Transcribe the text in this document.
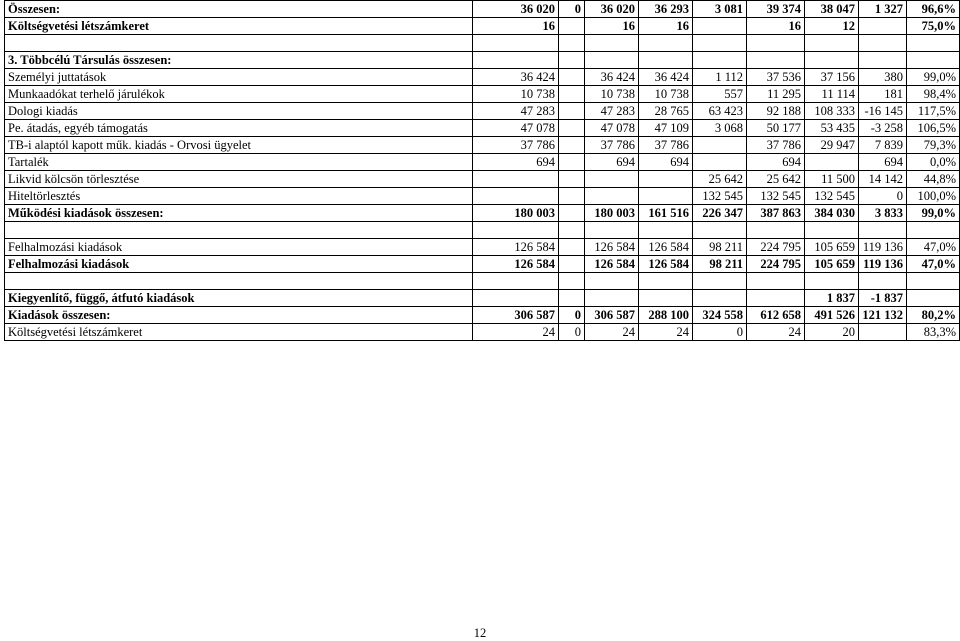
Összesen:	36 020	0	36 020	36 293	3 081	39 374	38 047	1 327	96,6%
Költségvetési létszámkeret	16		16	16		16	12		75,0%

3. Többcélú Társulás összesen:									
Személyi juttatások	36 424		36 424	36 424	1 112	37 536	37 156	380	99,0%
Munkaadókat terhelő járulékok	10 738		10 738	10 738	557	11 295	11 114	181	98,4%
Dologi kiadás	47 283		47 283	28 765	63 423	92 188	108 333	-16 145	117,5%
Pe. átadás, egyéb támogatás	47 078		47 078	47 109	3 068	50 177	53 435	-3 258	106,5%
TB-i alaptól kapott műk. kiadás - Orvosi ügyelet	37 786		37 786	37 786		37 786	29 947	7 839	79,3%
Tartalék	694		694	694		694		694	0,0%
Likvid kölcsön törlesztése					25 642	25 642	11 500	14 142	44,8%
Hiteltörlesztés					132 545	132 545	132 545	0	100,0%
Működési kiadások összesen:	180 003		180 003	161 516	226 347	387 863	384 030	3 833	99,0%

Felhalmozási kiadások	126 584		126 584	126 584	98 211	224 795	105 659	119 136	47,0%
Felhalmozási kiadások	126 584		126 584	126 584	98 211	224 795	105 659	119 136	47,0%

Kiegyenlítő, függő, átfutó kiadások							1 837	-1 837	
Kiadások összesen:	306 587	0	306 587	288 100	324 558	612 658	491 526	121 132	80,2%
Költségvetési létszámkeret	24	0	24	24	0	24	20		83,3%
12
